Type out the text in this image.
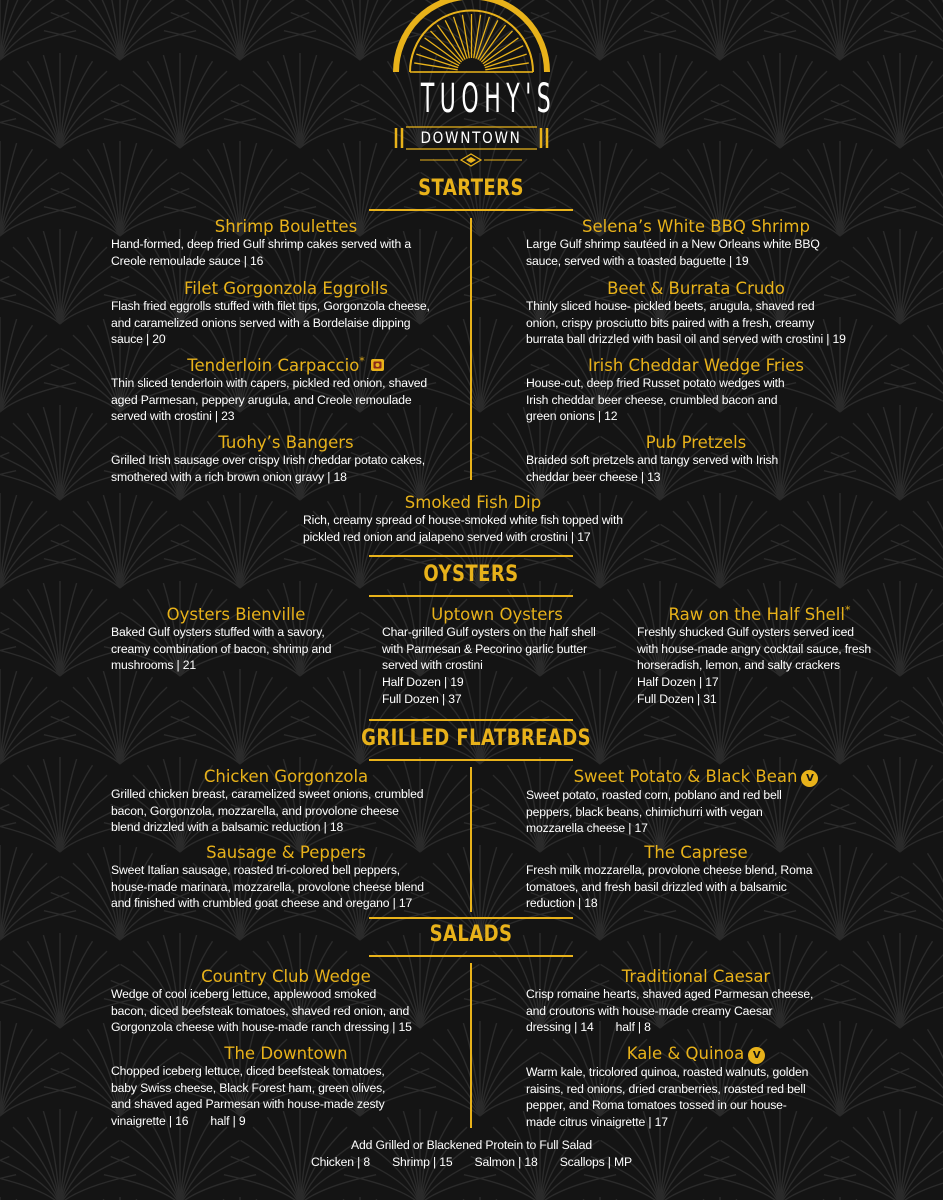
TUOHY'S
DOWNTOWN
STARTERS
Shrimp Boulettes
Hand-formed, deep fried Gulf shrimp cakes served with a
Creole remoulade sauce | 16
Filet Gorgonzola Eggrolls
Flash fried eggrolls stuffed with filet tips, Gorgonzola cheese,
and caramelized onions served with a Bordelaise dipping
sauce | 20
Tenderloin Carpaccio*
Thin sliced tenderloin with capers, pickled red onion, shaved
aged Parmesan, peppery arugula, and Creole remoulade
served with crostini | 23
Tuohy’s Bangers
Grilled Irish sausage over crispy Irish cheddar potato cakes,
smothered with a rich brown onion gravy | 18
Selena’s White BBQ Shrimp
Large Gulf shrimp sautéed in a New Orleans white BBQ
sauce, served with a toasted baguette | 19
Beet & Burrata Crudo
Thinly sliced house- pickled beets, arugula, shaved red
onion, crispy prosciutto bits paired with a fresh, creamy
burrata ball drizzled with basil oil and served with crostini | 19
Irish Cheddar Wedge Fries
House-cut, deep fried Russet potato wedges with
Irish cheddar beer cheese, crumbled bacon and
green onions | 12
Pub Pretzels
Braided soft pretzels and tangy served with Irish
cheddar beer cheese | 13
Smoked Fish Dip
Rich, creamy spread of house-smoked white fish topped with
pickled red onion and jalapeno served with crostini | 17
OYSTERS
Oysters Bienville
Baked Gulf oysters stuffed with a savory,
creamy combination of bacon, shrimp and
mushrooms | 21
Uptown Oysters
Char-grilled Gulf oysters on the half shell
with Parmesan & Pecorino garlic butter
served with crostini
Half Dozen | 19
Full Dozen | 37
Raw on the Half Shell*
Freshly shucked Gulf oysters served iced
with house-made angry cocktail sauce, fresh
horseradish, lemon, and salty crackers
Half Dozen | 17
Full Dozen | 31
GRILLED FLATBREADS
Chicken Gorgonzola
Grilled chicken breast, caramelized sweet onions, crumbled
bacon, Gorgonzola, mozzarella, and provolone cheese
blend drizzled with a balsamic reduction | 18
Sausage & Peppers
Sweet Italian sausage, roasted tri-colored bell peppers,
house-made marinara, mozzarella, provolone cheese blend
and finished with crumbled goat cheese and oregano | 17
Sweet Potato & Black Bean V
Sweet potato, roasted corn, poblano and red bell
peppers, black beans, chimichurri with vegan
mozzarella cheese | 17
The Caprese
Fresh milk mozzarella, provolone cheese blend, Roma
tomatoes, and fresh basil drizzled with a balsamic
reduction | 18
SALADS
Country Club Wedge
Wedge of cool iceberg lettuce, applewood smoked
bacon, diced beefsteak tomatoes, shaved red onion, and
Gorgonzola cheese with house-made ranch dressing | 15
The Downtown
Chopped iceberg lettuce, diced beefsteak tomatoes,
baby Swiss cheese, Black Forest ham, green olives,
and shaved aged Parmesan with house-made zesty
vinaigrette | 16 half | 9
Traditional Caesar
Crisp romaine hearts, shaved aged Parmesan cheese,
and croutons with house-made creamy Caesar
dressing | 14 half | 8
Kale & Quinoa V
Warm kale, tricolored quinoa, roasted walnuts, golden
raisins, red onions, dried cranberries, roasted red bell
pepper, and Roma tomatoes tossed in our house-
made citrus vinaigrette | 17
Add Grilled or Blackened Protein to Full Salad
Chicken | 8 Shrimp | 15 Salmon | 18 Scallops | MP
